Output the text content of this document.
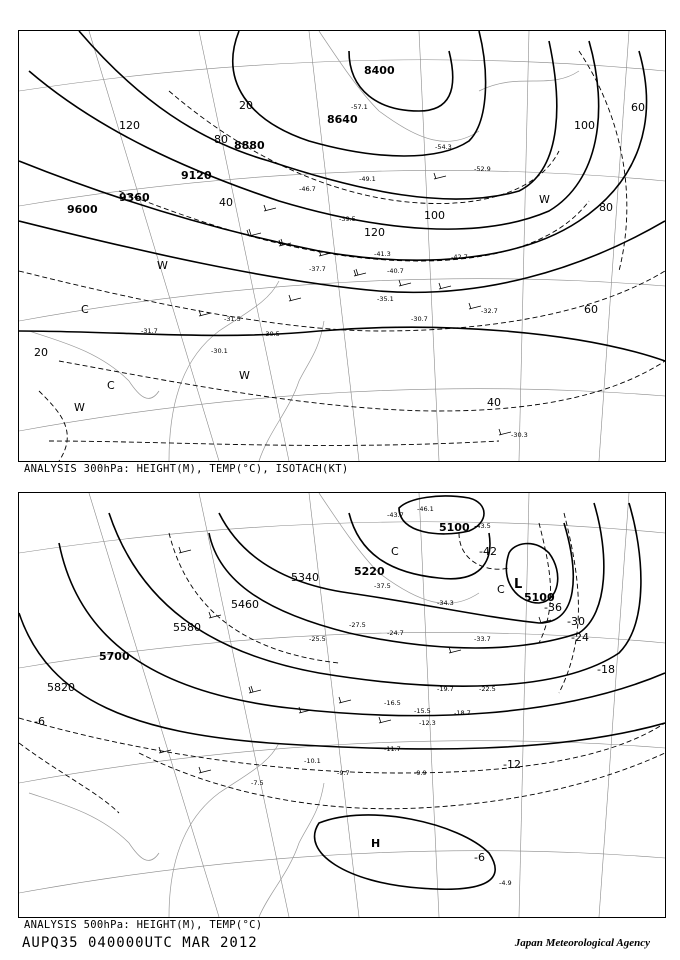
9600
9360
9120
8880
8640
8400
20
40
60
80
100
120
120
100
80
60
40
20
W
C
W
C
W
W
-57.1
-54.3
-52.9
-49.1
-46.7
-42.7
-41.3
-40.7
-39.5
-37.7
-35.1
-32.7
-31.5	-30.7
-30.3
-31.7
-30.1
-30.5
ANALYSIS 300hPa: HEIGHT(M), TEMP(°C), ISOTACH(KT)
5100
5100
5220
5340
5460
5580
5700
5820
-42
-36
-30
-24
-18
-12
-6
-6
L
C
C
H
-43.7
-46.1
-43.5
-37.5
-33.7
-34.3
-27.5
-25.5
-24.7
-22.5
-19.7
-18.7
-16.5
-15.5
-12.3
-11.7
-10.1
-9.9
-9.7
-7.5
-4.9
ANALYSIS 500hPa: HEIGHT(M), TEMP(°C)
AUPQ35 040000UTC MAR 2012	Japan Meteorological Agency
